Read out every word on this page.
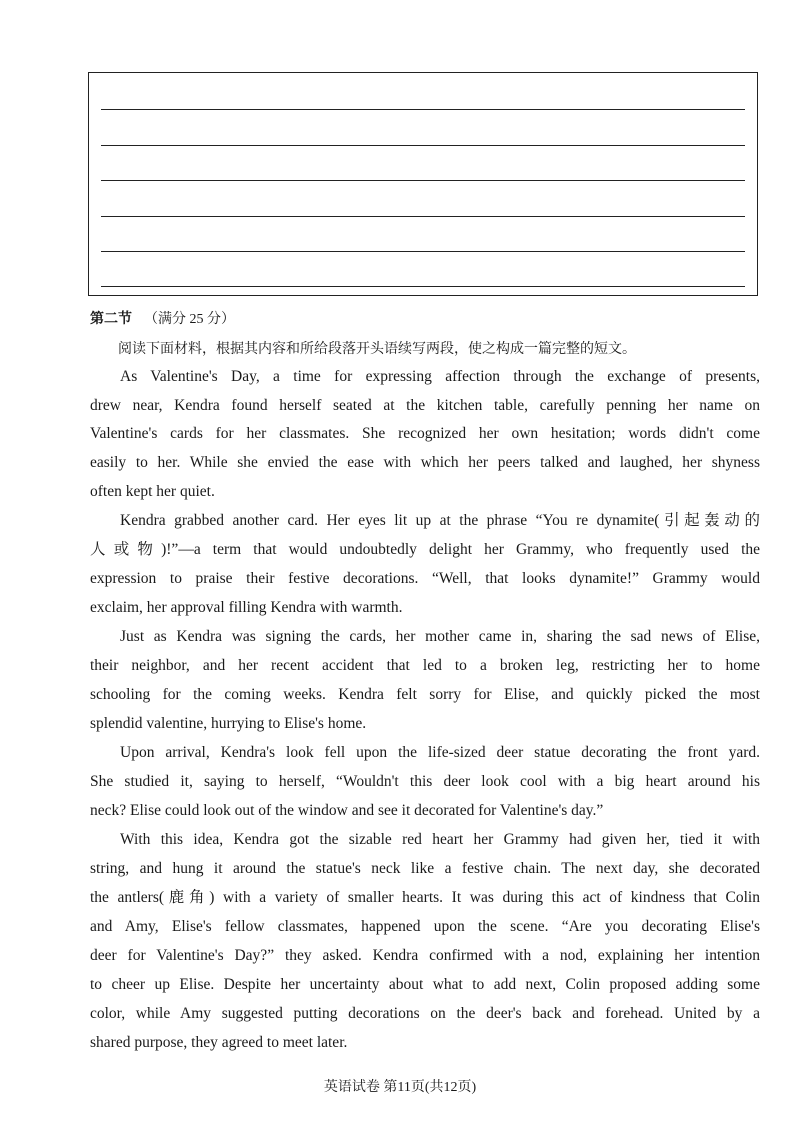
第二节 （满分 25 分）
阅读下面材料，根据其内容和所给段落开头语续写两段，使之构成一篇完整的短文。
As Valentine's Day, a time for expressing affection through the exchange of presents,
drew near, Kendra found herself seated at the kitchen table, carefully penning her name on
Valentine's cards for her classmates. She recognized her own hesitation; words didn't come
easily to her. While she envied the ease with which her peers talked and laughed, her shyness
often kept her quiet.
Kendra grabbed another card. Her eyes lit up at the phrase “You re dynamite(引起轰动的
人或物)!”—a term that would undoubtedly delight her Grammy, who frequently used the
expression to praise their festive decorations. “Well, that looks dynamite!” Grammy would
exclaim, her approval filling Kendra with warmth.
Just as Kendra was signing the cards, her mother came in, sharing the sad news of Elise,
their neighbor, and her recent accident that led to a broken leg, restricting her to home
schooling for the coming weeks. Kendra felt sorry for Elise, and quickly picked the most
splendid valentine, hurrying to Elise's home.
Upon arrival, Kendra's look fell upon the life-sized deer statue decorating the front yard.
She studied it, saying to herself, “Wouldn't this deer look cool with a big heart around his
neck? Elise could look out of the window and see it decorated for Valentine's day.”
With this idea, Kendra got the sizable red heart her Grammy had given her, tied it with
string, and hung it around the statue's neck like a festive chain. The next day, she decorated
the antlers(鹿角) with a variety of smaller hearts. It was during this act of kindness that Colin
and Amy, Elise's fellow classmates, happened upon the scene. “Are you decorating Elise's
deer for Valentine's Day?” they asked. Kendra confirmed with a nod, explaining her intention
to cheer up Elise. Despite her uncertainty about what to add next, Colin proposed adding some
color, while Amy suggested putting decorations on the deer's back and forehead. United by a
shared purpose, they agreed to meet later.
英语试卷 第11页(共12页)
